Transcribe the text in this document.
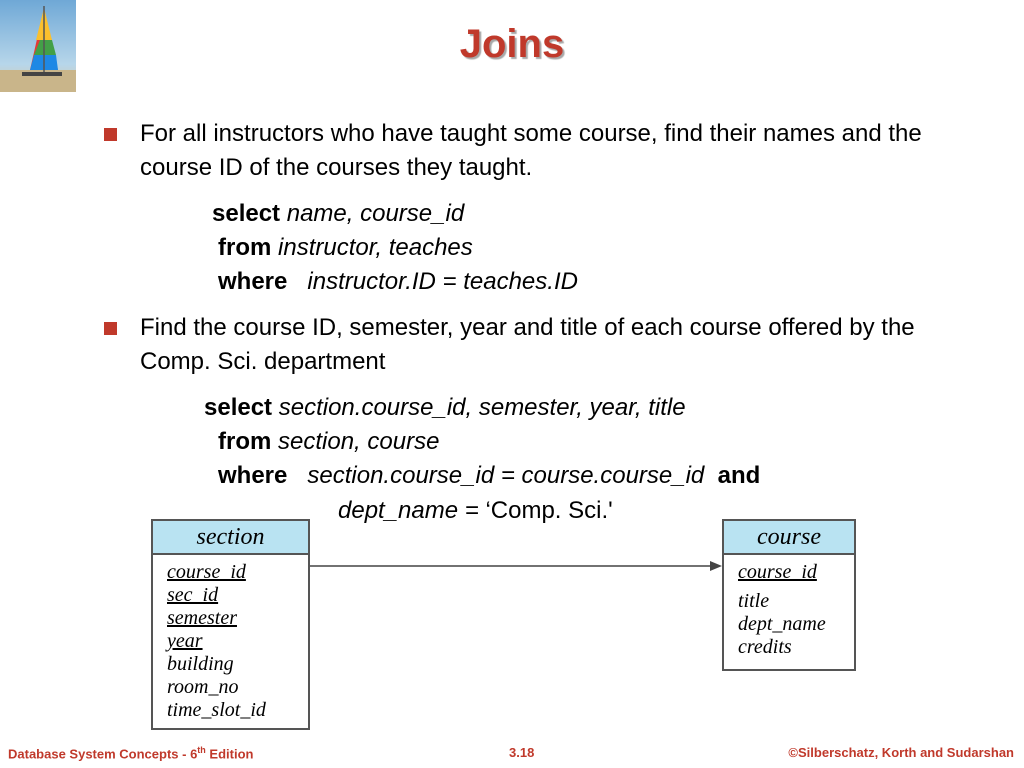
Joins
For all instructors who have taught some course, find their names and the course ID of the courses they taught.
select name, course_id
from instructor, teaches
where instructor.ID = teaches.ID
Find the course ID, semester, year and title of each course offered by the Comp. Sci. department
select section.course_id, semester, year, title
from section, course
where section.course_id = course.course_id and
dept_name = ‘Comp. Sci.'
section
course_id
sec_id
semester
year
building
room_no
time_slot_id
course
course_id
title
dept_name
credits
Database System Concepts - 6th Edition	3.18	©Silberschatz, Korth and Sudarshan
